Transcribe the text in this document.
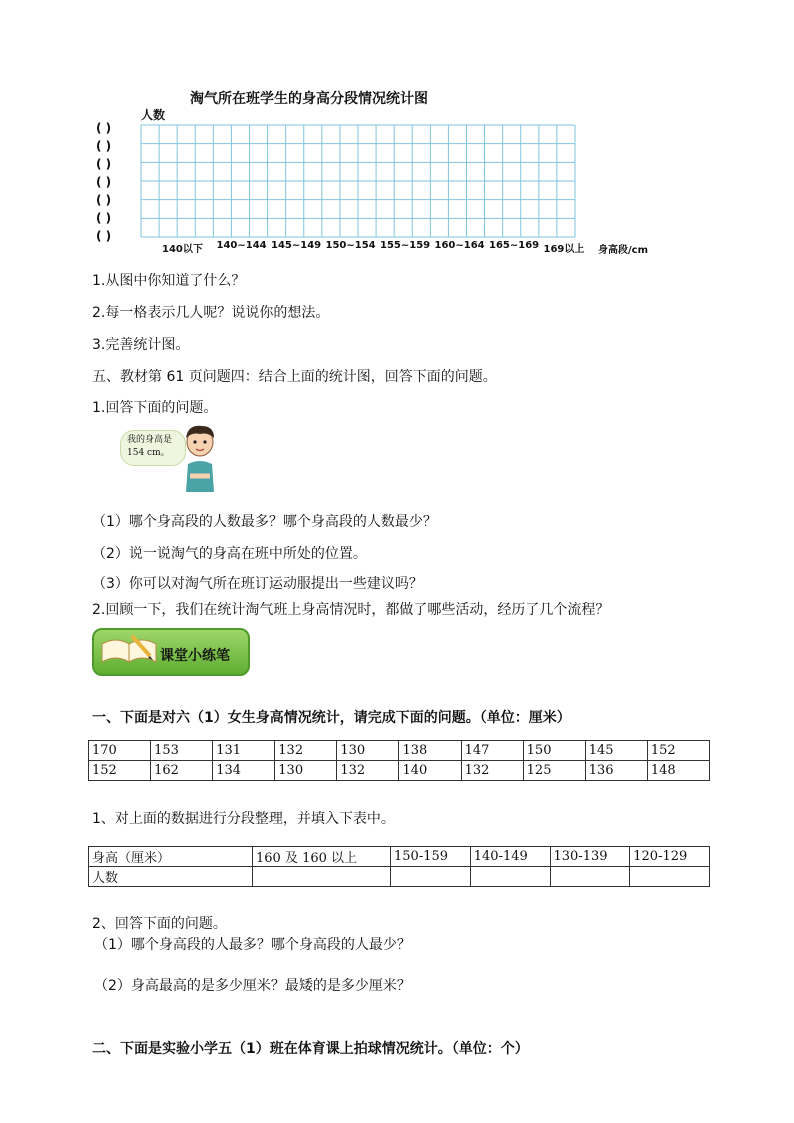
淘气所在班学生的身高分段情况统计图
人数
( )
( )
( )
( )
( )
( )
( )
140以下 140~144 145~149 150~154 155~159 160~164 165~169 169以上 身高段/cm
1.从图中你知道了什么？
2.每一格表示几人呢？说说你的想法。
3.完善统计图。
五、教材第 61 页问题四：结合上面的统计图，回答下面的问题。
1.回答下面的问题。
我的身高是154 cm。
（1）哪个身高段的人数最多？哪个身高段的人数最少？
（2）说一说淘气的身高在班中所处的位置。
（3）你可以对淘气所在班订运动服提出一些建议吗？
2.回顾一下，我们在统计淘气班上身高情况时，都做了哪些活动，经历了几个流程？
课堂小练笔
一、下面是对六（1）女生身高情况统计，请完成下面的问题。（单位：厘米）
170	153	131	132	130	138	147	150	145	152
152	162	134	130	132	140	132	125	136	148
1、对上面的数据进行分段整理，并填入下表中。
身高（厘米）	160 及 160 以上	150-159	140-149	130-139	120-129
人数					
2、回答下面的问题。
（1）哪个身高段的人最多？哪个身高段的人最少？
（2）身高最高的是多少厘米？最矮的是多少厘米？
二、下面是实验小学五（1）班在体育课上拍球情况统计。（单位：个）
